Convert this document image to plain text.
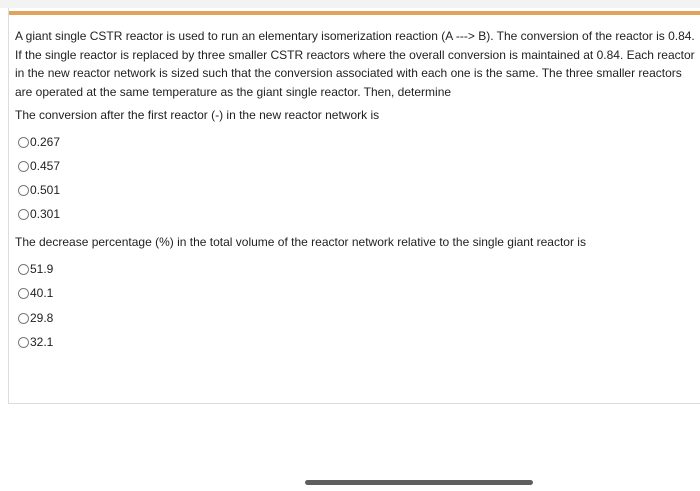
A giant single CSTR reactor is used to run an elementary isomerization reaction (A ---> B). The conversion of the reactor is 0.84.
If the single reactor is replaced by three smaller CSTR reactors where the overall conversion is maintained at 0.84. Each reactor
in the new reactor network is sized such that the conversion associated with each one is the same. The three smaller reactors
are operated at the same temperature as the giant single reactor. Then, determine
The conversion after the first reactor (-) in the new reactor network is
0.267
0.457
0.501
0.301
The decrease percentage (%) in the total volume of the reactor network relative to the single giant reactor is
51.9
40.1
29.8
32.1
